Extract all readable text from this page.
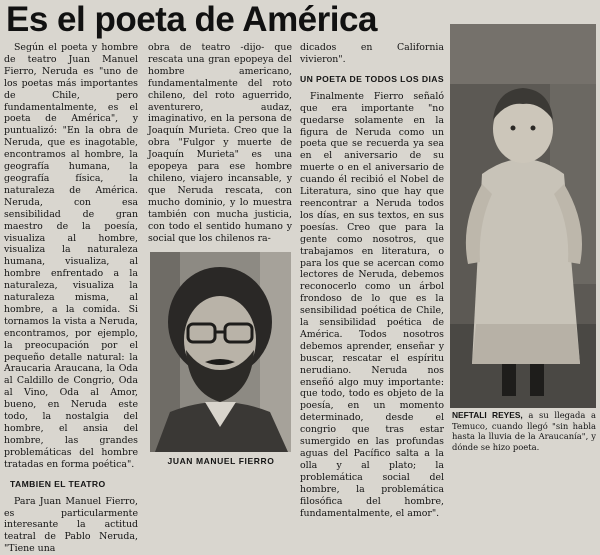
Es el poeta de América

Según el poeta y hombre de teatro Juan Manuel Fierro, Neruda es "uno de los poetas más importantes de Chile, pero fundamentalmente, es el poeta de América", y puntualizó: "En la obra de Neruda, que es inagotable, encontramos al hombre, la geografía humana, la geografía física, la naturaleza de América. Neruda, con esa sensibilidad de gran maestro de la poesía, visualiza al hombre, visualiza la naturaleza humana, visualiza, al hombre enfrentado a la naturaleza, visualiza la naturaleza misma, al hombre, a la comida. Si tornamos la vista a Neruda, encontramos, por ejemplo, la preocupación por el pequeño detalle natural: la Araucaria Araucana, la Oda al Caldillo de Congrio, Oda al Vino, Oda al Amor, bueno, en Neruda este todo, la nostalgia del hombre, el ansia del hombre, las grandes problemáticas del hombre tratadas en forma poética".

TAMBIEN EL TEATRO

Para Juan Manuel Fierro, es particularmente interesante la actitud teatral de Pablo Neruda, "Tiene una

obra de teatro -dijo- que rescata una gran epopeya del hombre americano, fundamentalmente del roto chileno, del roto aguerrido, aventurero, audaz, imaginativo, en la persona de Joaquín Murieta. Creo que la obra "Fulgor y muerte de Joaquín Murieta" es una epopeya para ese hombre chileno, viajero incansable, y que Neruda rescata, con mucho dominio, y lo muestra también con mucha justicia, con todo el sentido humano y social que los chilenos ra-

JUAN MANUEL FIERRO

dicados en California vivieron".

UN POETA DE TODOS LOS DIAS

Finalmente Fierro señaló que era importante "no quedarse solamente en la figura de Neruda como un poeta que se recuerda ya sea en el aniversario de su muerte o en el aniversario de cuando él recibió el Nobel de Literatura, sino que hay que reencontrar a Neruda todos los días, en sus textos, en sus poesías. Creo que para la gente como nosotros, que trabajamos en literatura, o para los que se acercan como lectores de Neruda, debemos reconocerlo como un árbol frondoso de lo que es la sensibilidad poética de Chile, la sensibilidad poética de América. Todos nosotros debemos aprender, enseñar y buscar, rescatar el espíritu nerudiano. Neruda nos enseñó algo muy importante: que todo, todo es objeto de la poesía, en un momento determinado, desde el congrio que tras estar sumergido en las profundas aguas del Pacífico salta a la olla y al plato; la problemática social del hombre, la problemática filosófica del hombre, fundamentalmente, el amor".

NEFTALI REYES, a su llegada a Temuco, cuando llegó "sin habla hasta la lluvia de la Araucanía", y dónde se hizo poeta.
